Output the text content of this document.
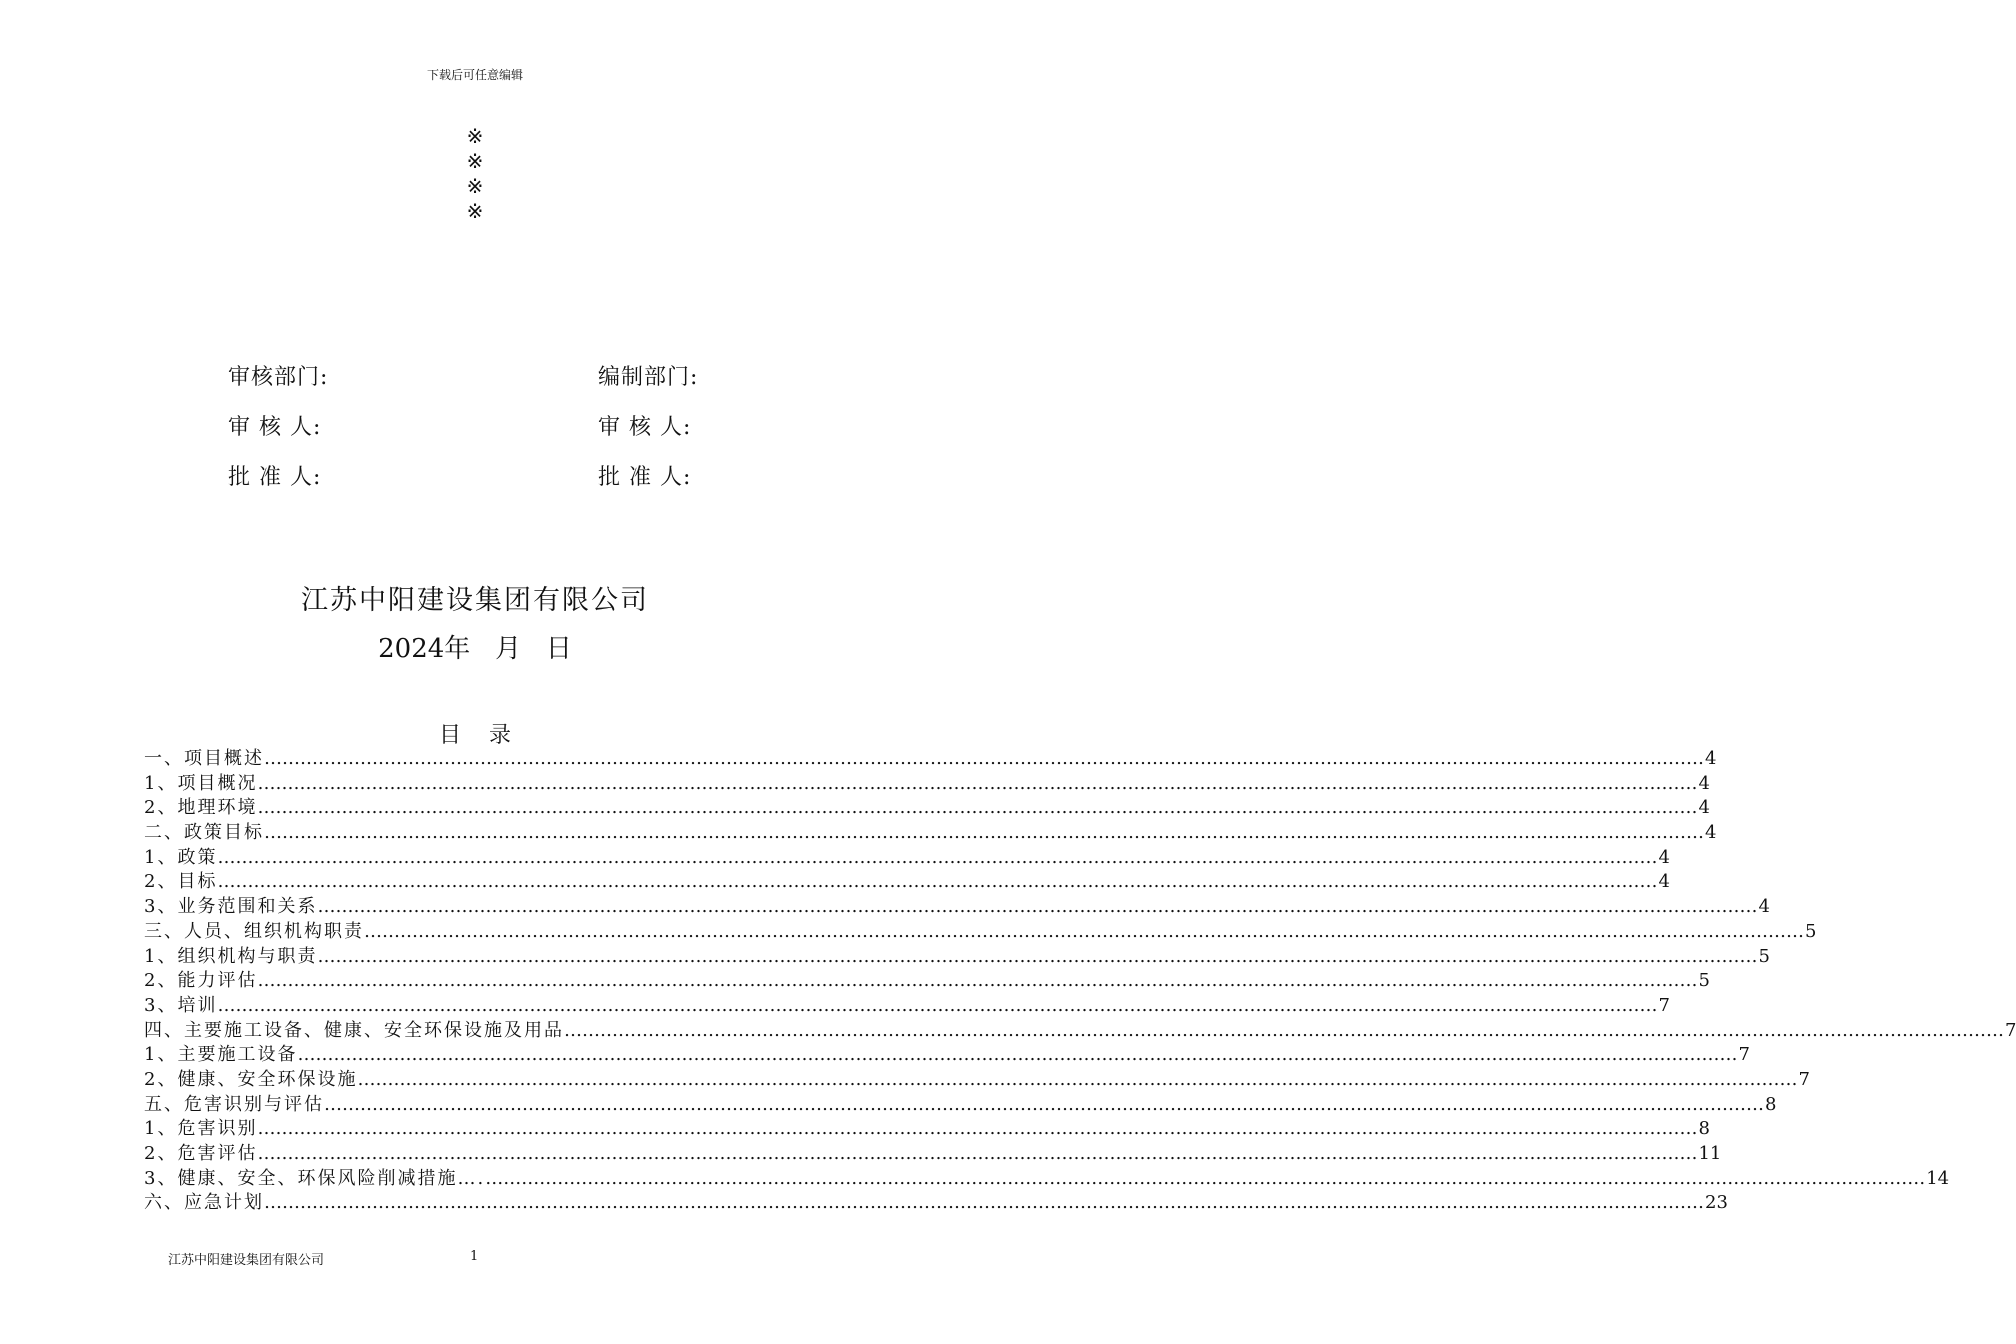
下载后可任意编辑
※
※
※
※
审核部门:
审 核 人:
批 准 人:
编制部门:
审 核 人:
批 准 人:
江苏中阳建设集团有限公司
2024年   月   日
目    录
一、项目概述 …………………………………………………………………………………………………………………………………………………………………………………………………………………… 4
1、项目概况 …………………………………………………………………………………………………………………………………………………………………………………………………………………… 4
2、地理环境 …………………………………………………………………………………………………………………………………………………………………………………………………………………… 4
二、政策目标 …………………………………………………………………………………………………………………………………………………………………………………………………………………… 4
1、政策 …………………………………………………………………………………………………………………………………………………………………………………………………………………… 4
2、目标 …………………………………………………………………………………………………………………………………………………………………………………………………………………… 4
3、业务范围和关系 …………………………………………………………………………………………………………………………………………………………………………………………………………………… 4
三、人员、组织机构职责 …………………………………………………………………………………………………………………………………………………………………………………………………………………… 5
1、组织机构与职责 …………………………………………………………………………………………………………………………………………………………………………………………………………………… 5
2、能力评估 …………………………………………………………………………………………………………………………………………………………………………………………………………………… 5
3、培训 …………………………………………………………………………………………………………………………………………………………………………………………………………………… 7
四、主要施工设备、健康、安全环保设施及用品 …………………………………………………………………………………………………………………………………………………………………………………………………………………… 7
1、主要施工设备 …………………………………………………………………………………………………………………………………………………………………………………………………………………… 7
2、健康、安全环保设施 …………………………………………………………………………………………………………………………………………………………………………………………………………………… 7
五、危害识别与评估 …………………………………………………………………………………………………………………………………………………………………………………………………………………… 8
1、危害识别 …………………………………………………………………………………………………………………………………………………………………………………………………………………… 8
2、危害评估 …………………………………………………………………………………………………………………………………………………………………………………………………………………… 11
3、健康、安全、环保风险削减措施…. …………………………………………………………………………………………………………………………………………………………………………………………………………………… 14
六、应急计划 …………………………………………………………………………………………………………………………………………………………………………………………………………………… 23
江苏中阳建设集团有限公司	1
